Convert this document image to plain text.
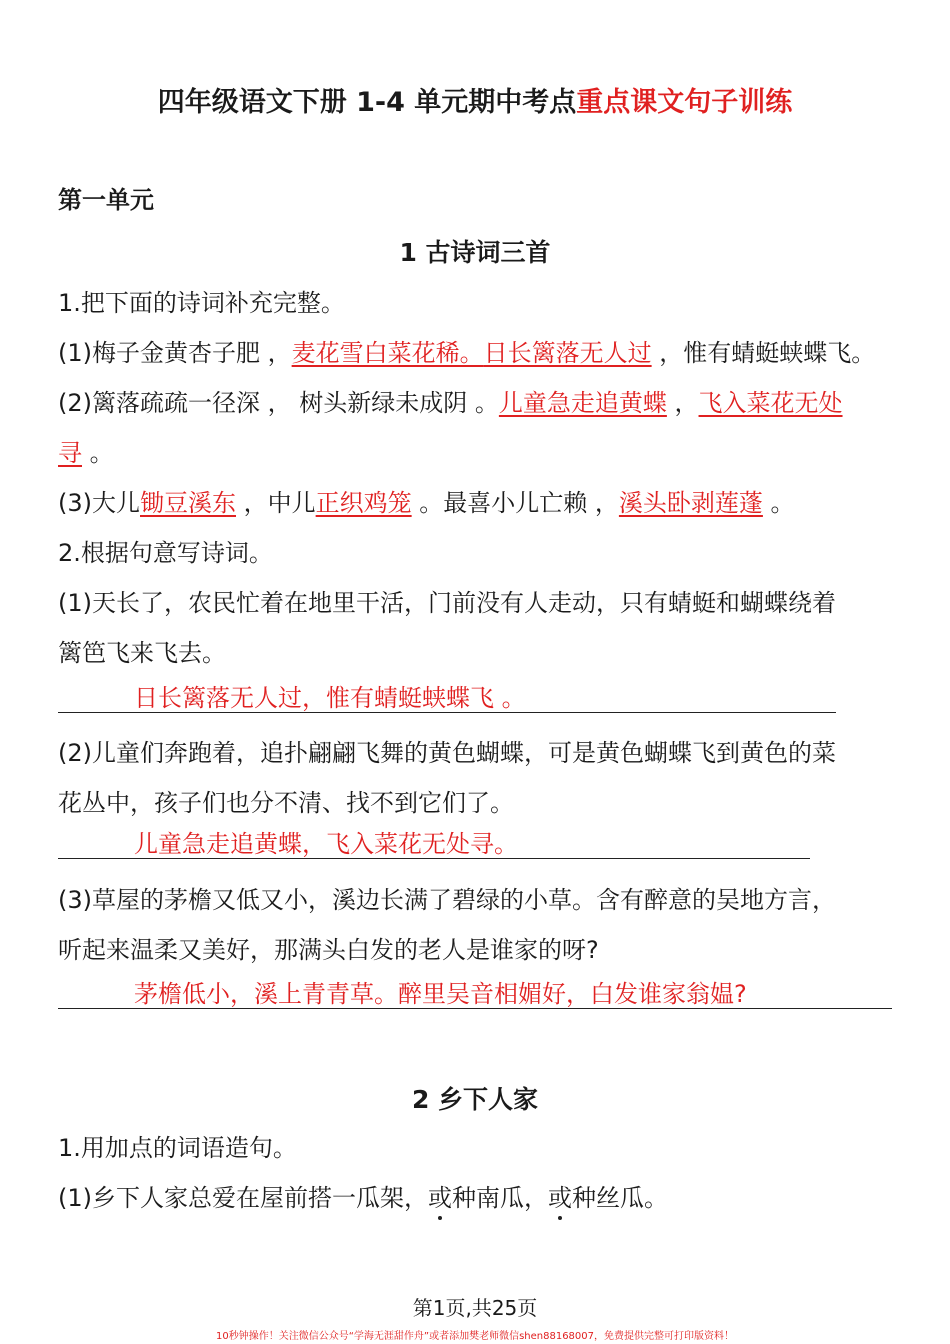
四年级语文下册 1-4 单元期中考点重点课文句子训练
第一单元
1 古诗词三首
1.把下面的诗词补充完整。
(1)梅子金黄杏子肥 ，麦花雪白菜花稀。日长篱落无人过 ，惟有蜻蜓蛱蝶飞。
(2)篱落疏疏一径深 ， 树头新绿未成阴 。儿童急走追黄蝶 ，飞入菜花无处
寻 。
(3)大儿锄豆溪东 ，中儿正织鸡笼 。最喜小儿亡赖 ，溪头卧剥莲蓬 。
2.根据句意写诗词。
(1)天长了，农民忙着在地里干活，门前没有人走动，只有蜻蜓和蝴蝶绕着
篱笆飞来飞去。
日长篱落无人过，惟有蜻蜓蛱蝶飞 。
(2)儿童们奔跑着，追扑翩翩飞舞的黄色蝴蝶，可是黄色蝴蝶飞到黄色的菜
花丛中，孩子们也分不清、找不到它们了。
儿童急走追黄蝶，飞入菜花无处寻。
(3)草屋的茅檐又低又小，溪边长满了碧绿的小草。含有醉意的吴地方言，
听起来温柔又美好，那满头白发的老人是谁家的呀?
茅檐低小，溪上青青草。醉里吴音相媚好，白发谁家翁媪?
2 乡下人家
1.用加点的词语造句。
(1)乡下人家总爱在屋前搭一瓜架，或种南瓜，或种丝瓜。
第1页,共25页
10秒钟操作！关注微信公众号“学海无涯甜作舟”或者添加樊老师微信shen88168007，免费提供完整可打印版资料！
